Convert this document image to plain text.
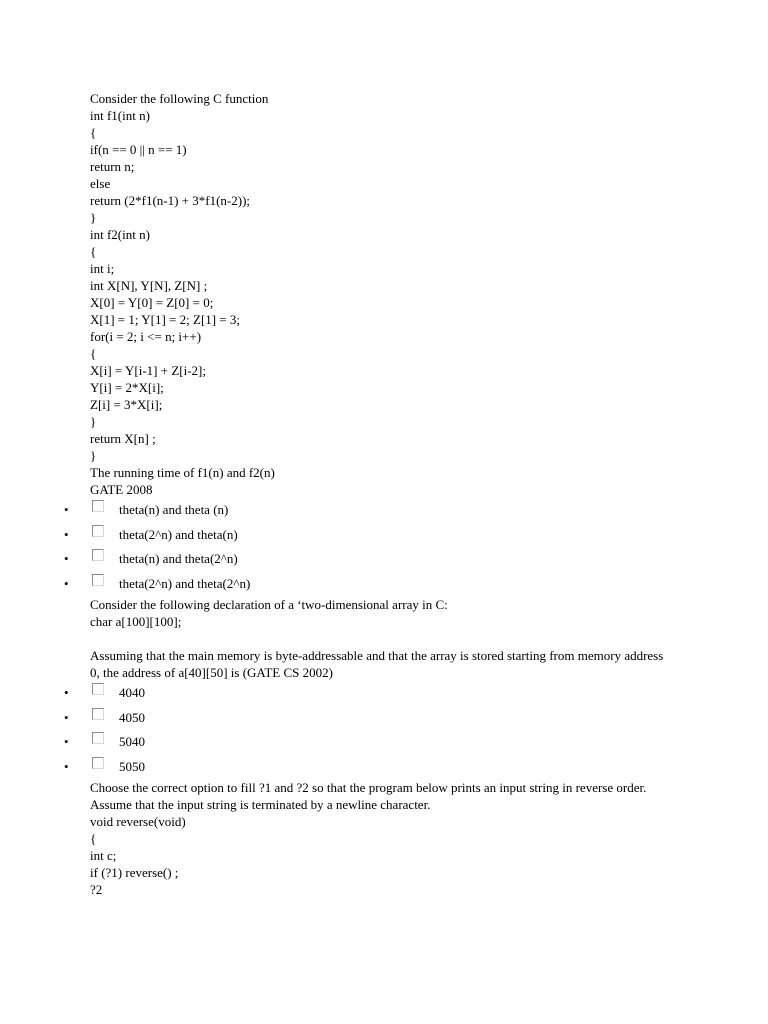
Consider the following C function
int f1(int n)
{
if(n == 0 || n == 1)
return n;
else
return (2*f1(n-1) + 3*f1(n-2));
}
int f2(int n)
{
int i;
int X[N], Y[N], Z[N] ;
X[0] = Y[0] = Z[0] = 0;
X[1] = 1; Y[1] = 2; Z[1] = 3;
for(i = 2; i <= n; i++)
{
X[i] = Y[i-1] + Z[i-2];
Y[i] = 2*X[i];
Z[i] = 3*X[i];
}
return X[n] ;
}
The running time of f1(n) and f2(n)
GATE 2008
•	theta(n) and theta (n)
•	theta(2^n) and theta(n)
•	theta(n) and theta(2^n)
•	theta(2^n) and theta(2^n)
Consider the following declaration of a ‘two-dimensional array in C:
char a[100][100];
Assuming that the main memory is byte-addressable and that the array is stored starting from memory address 0, the address of a[40][50] is (GATE CS 2002)
•	4040
•	4050
•	5040
•	5050
Choose the correct option to fill ?1 and ?2 so that the program below prints an input string in reverse order. Assume that the input string is terminated by a newline character.
void reverse(void)
{
int c;
if (?1) reverse() ;
?2
